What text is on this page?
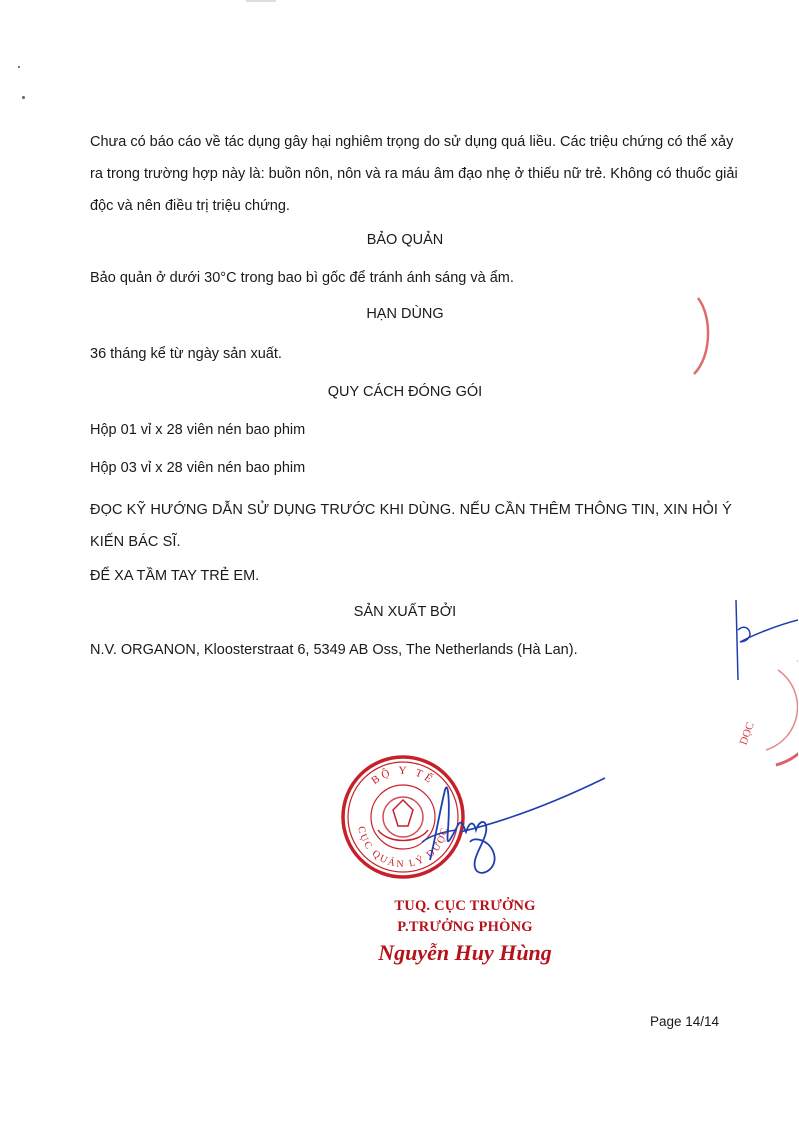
Chưa có báo cáo về tác dụng gây hại nghiêm trọng do sử dụng quá liều. Các triệu chứng có thể xảy ra trong trường hợp này là: buồn nôn, nôn và ra máu âm đạo nhẹ ở thiếu nữ trẻ. Không có thuốc giải độc và nên điều trị triệu chứng.

BẢO QUẢN

Bảo quản ở dưới 30°C trong bao bì gốc để tránh ánh sáng và ẩm.

HẠN DÙNG

36 tháng kể từ ngày sản xuất.

QUY CÁCH ĐÓNG GÓI

Hộp 01 vỉ x 28 viên nén bao phim

Hộp 03 vỉ x 28 viên nén bao phim

ĐỌC KỸ HƯỚNG DẪN SỬ DỤNG TRƯỚC KHI DÙNG. NẾU CẦN THÊM THÔNG TIN, XIN HỎI Ý KIẾN BÁC SĨ.

ĐỂ XA TẦM TAY TRẺ EM.

SẢN XUẤT BỞI

N.V. ORGANON, Kloosterstraat 6, 5349 AB Oss, The Netherlands (Hà Lan).

DỌC
BỘ Y TẾ
CỤC QUẢN LÝ DƯỢC
TUQ. CỤC TRƯỞNG
P.TRƯỞNG PHÒNG
Nguyễn Huy Hùng
Page 14/14
